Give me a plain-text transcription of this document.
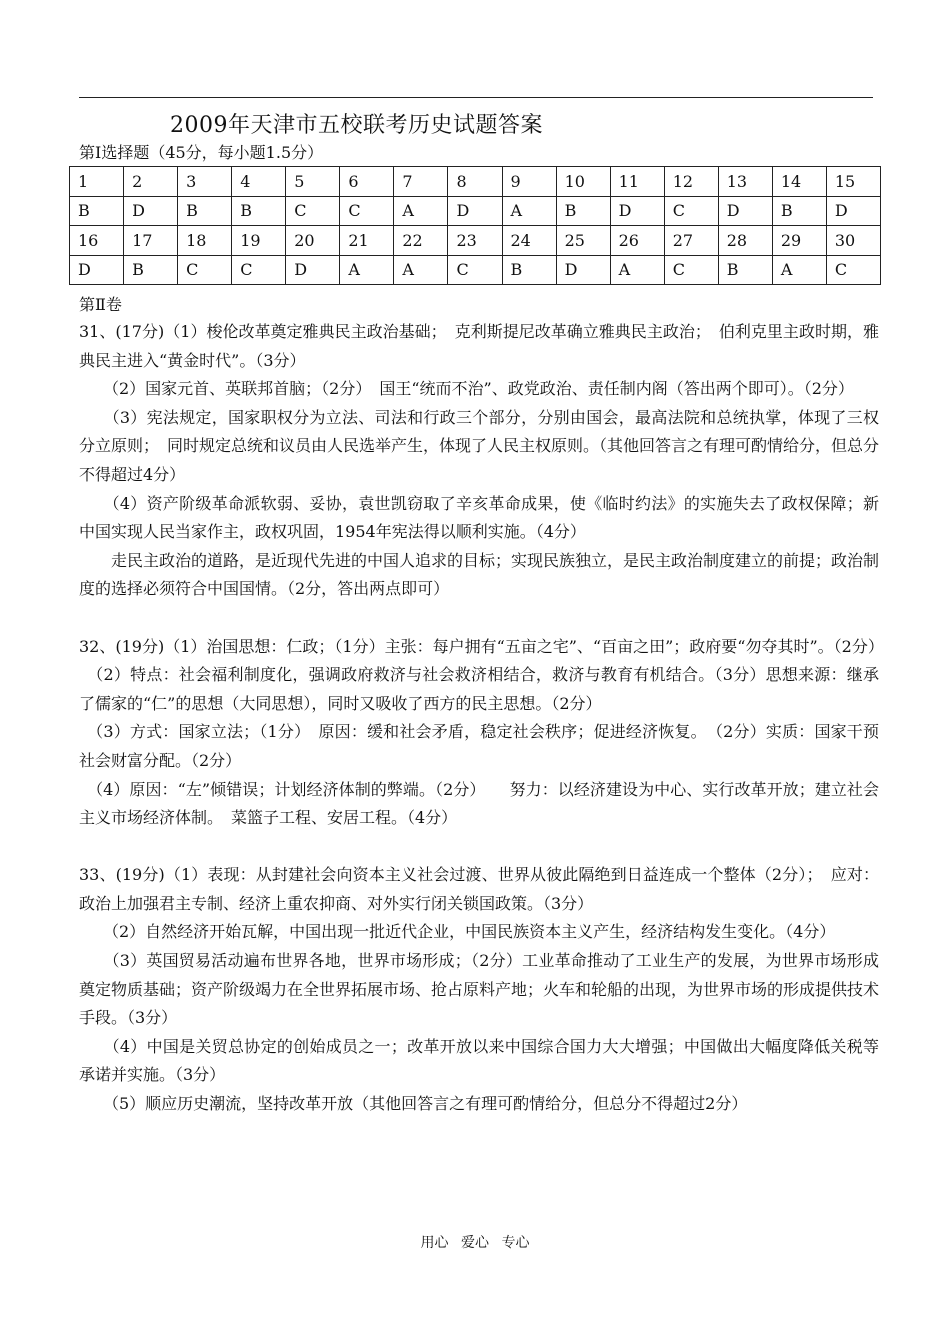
2009年天津市五校联考历史试题答案
第Ⅰ选择题（45分，每小题1.5分）
1	2	3	4	5	6	7	8	9	10	11	12	13	14	15
B	D	B	B	C	C	A	D	A	B	D	C	D	B	D
16	17	18	19	20	21	22	23	24	25	26	27	28	29	30
D	B	C	C	D	A	A	C	B	D	A	C	B	A	C
第Ⅱ卷

31、(17分)（1）梭伦改革奠定雅典民主政治基础；　克利斯提尼改革确立雅典民主政治；　伯利克里主政时期，雅典民主进入“黄金时代”。（3分）

　　（2）国家元首、英联邦首脑；（2分）　国王“统而不治”、政党政治、责任制内阁（答出两个即可）。（2分）

　　（3）宪法规定，国家职权分为立法、司法和行政三个部分，分别由国会，最高法院和总统执掌，体现了三权分立原则；　同时规定总统和议员由人民选举产生，体现了人民主权原则。（其他回答言之有理可酌情给分，但总分不得超过4分）

　　（4）资产阶级革命派软弱、妥协，袁世凯窃取了辛亥革命成果，使《临时约法》的实施失去了政权保障；新中国实现人民当家作主，政权巩固，1954年宪法得以顺利实施。（4分）

　　走民主政治的道路，是近现代先进的中国人追求的目标；实现民族独立，是民主政治制度建立的前提；政治制度的选择必须符合中国国情。（2分，答出两点即可）

32、(19分)（1）治国思想：仁政；（1分）主张：每户拥有“五亩之宅”、“百亩之田”；政府要“勿夺其时”。（2分）

　（2）特点：社会福利制度化，强调政府救济与社会救济相结合，救济与教育有机结合。（3分）思想来源：继承了儒家的“仁”的思想（大同思想），同时又吸收了西方的民主思想。（2分）

　（3）方式：国家立法；（1分）　原因：缓和社会矛盾，稳定社会秩序；促进经济恢复。　（2分）实质：国家干预社会财富分配。（2分）

　（4）原因：“左”倾错误；计划经济体制的弊端。（2分）　　努力：以经济建设为中心、实行改革开放；建立社会主义市场经济体制。　菜篮子工程、安居工程。（4分）

33、(19分)（1）表现：从封建社会向资本主义社会过渡、世界从彼此隔绝到日益连成一个整体（2分）；　应对：政治上加强君主专制、经济上重农抑商、对外实行闭关锁国政策。（3分）

　　（2）自然经济开始瓦解，中国出现一批近代企业，中国民族资本主义产生，经济结构发生变化。（4分）

　　（3）英国贸易活动遍布世界各地，世界市场形成；（2分）工业革命推动了工业生产的发展，为世界市场形成奠定物质基础；资产阶级竭力在全世界拓展市场、抢占原料产地；火车和轮船的出现，为世界市场的形成提供技术手段。（3分）

　　（4）中国是关贸总协定的创始成员之一；改革开放以来中国综合国力大大增强；中国做出大幅度降低关税等承诺并实施。（3分）

　　（5）顺应历史潮流，坚持改革开放（其他回答言之有理可酌情给分，但总分不得超过2分）

用心 爱心 专心
